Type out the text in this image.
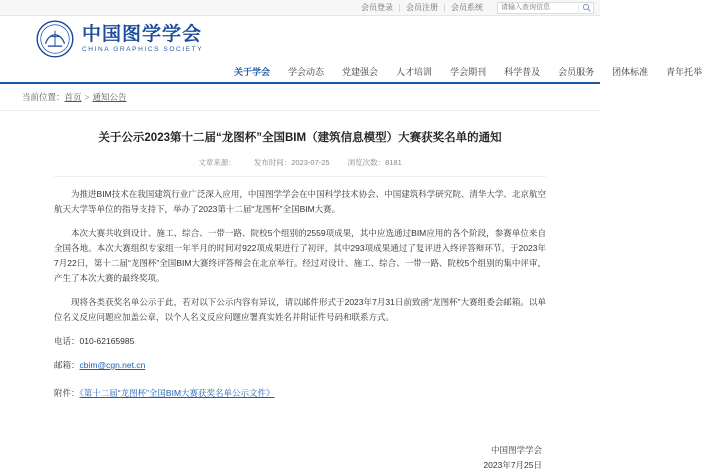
会员登录	会员注册	会员系统
请输入查询信息
中国图学学会
CHINA GRAPHICS SOCIETY
关于学会	学会动态	党建强会	人才培训	学会期刊	科学普及	会员服务	团体标准	青年托举
当前位置： 首页 > 通知公告
关于公示2023第十二届“龙图杯”全国BIM（建筑信息模型）大赛获奖名单的通知
文章来源： 发布时间：2023-07-25 浏览次数：8181

为推进BIM技术在我国建筑行业广泛深入应用，中国图学学会在中国科学技术协会、中国建筑科学研究院、清华大学、北京航空航天大学等单位的指导支持下，举办了2023第十二届“龙图杯”全国BIM大赛。

本次大赛共收到设计、施工、综合、一带一路、院校5个组别的2559项成果，其中应选通过BIM应用的各个阶段，参赛单位来自全国各地。本次大赛组织专家组一年半月的时间对922项成果进行了初评，其中293项成果通过了复评进入终评答辩环节。于2023年7月22日，第十二届“龙图杯”全国BIM大赛终评答辩会在北京举行。经过对设计、施工、综合、一带一路、院校5个组别的集中评审，产生了本次大赛的最终奖项。

现将各类获奖名单公示于此，若对以下公示内容有异议，请以邮件形式于2023年7月31日前致函“龙图杯”大赛组委会邮箱。以单位名义反应问题应加盖公章，以个人名义反应问题应署真实姓名并附证件号码和联系方式。

电话：010-62165985

邮箱：cbim@cgn.net.cn

附件：《第十二届“龙图杯”全国BIM大赛获奖名单公示文件》
中国图学学会
2023年7月25日
